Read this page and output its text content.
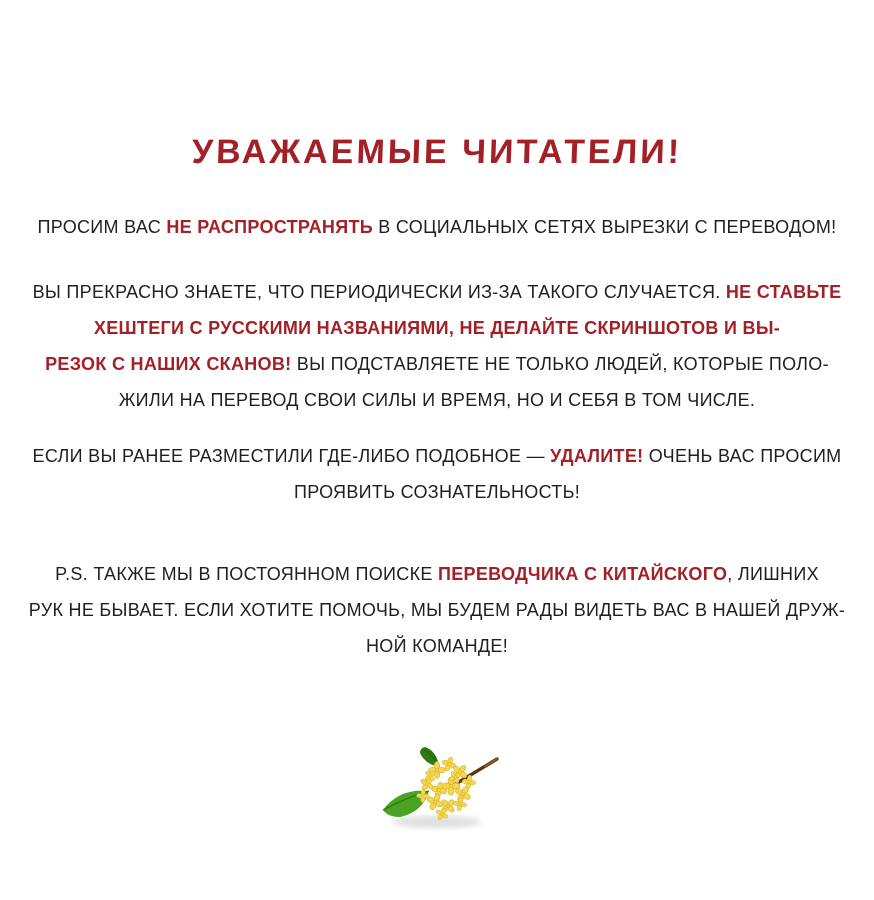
УВАЖАЕМЫЕ ЧИТАТЕЛИ!
ПРОСИМ ВАС НЕ РАСПРОСТРАНЯТЬ В СОЦИАЛЬНЫХ СЕТЯХ ВЫРЕЗКИ С ПЕРЕВОДОМ!
ВЫ ПРЕКРАСНО ЗНАЕТЕ, ЧТО ПЕРИОДИЧЕСКИ ИЗ-ЗА ТАКОГО СЛУЧАЕТСЯ. НЕ СТАВЬТЕ
ХЕШТЕГИ С РУССКИМИ НАЗВАНИЯМИ, НЕ ДЕЛАЙТЕ СКРИНШОТОВ И ВЫ-
РЕЗОК С НАШИХ СКАНОВ! ВЫ ПОДСТАВЛЯЕТЕ НЕ ТОЛЬКО ЛЮДЕЙ, КОТОРЫЕ ПОЛО-
ЖИЛИ НА ПЕРЕВОД СВОИ СИЛЫ И ВРЕМЯ, НО И СЕБЯ В ТОМ ЧИСЛЕ.
ЕСЛИ ВЫ РАНЕЕ РАЗМЕСТИЛИ ГДЕ-ЛИБО ПОДОБНОЕ — УДАЛИТЕ! ОЧЕНЬ ВАС ПРОСИМ
ПРОЯВИТЬ СОЗНАТЕЛЬНОСТЬ!
P.S. ТАКЖЕ МЫ В ПОСТОЯННОМ ПОИСКЕ ПЕРЕВОДЧИКА С КИТАЙСКОГО, ЛИШНИХ
РУК НЕ БЫВАЕТ. ЕСЛИ ХОТИТЕ ПОМОЧЬ, МЫ БУДЕМ РАДЫ ВИДЕТЬ ВАС В НАШЕЙ ДРУЖ-
НОЙ КОМАНДЕ!
